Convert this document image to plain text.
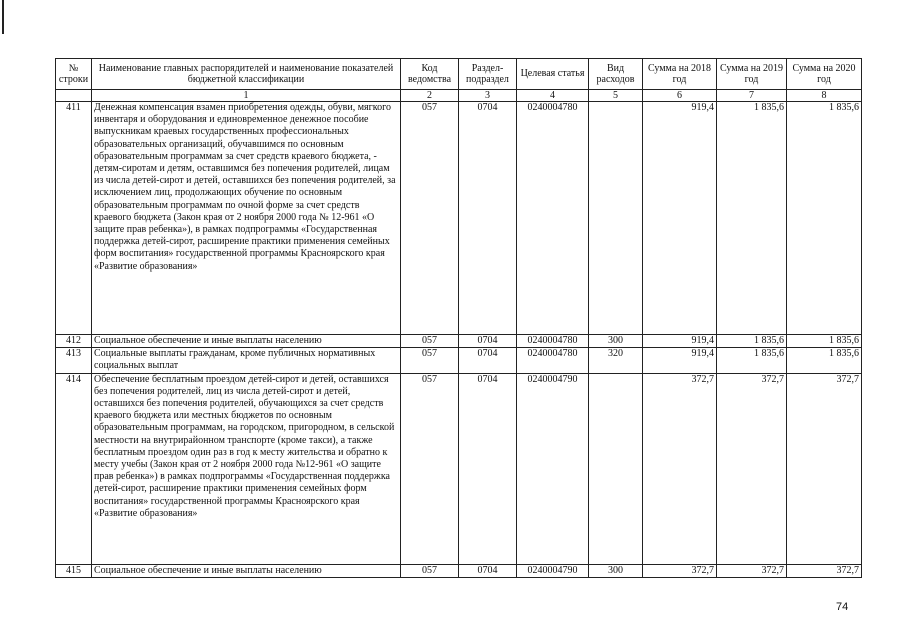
№ строки	Наименование главных распорядителей и наименование показателей бюджетной классификации	Код ведомства	Раздел-подраздел	Целевая статья	Вид расходов	Сумма на 2018 год	Сумма на 2019 год	Сумма на 2020 год
	1	2	3	4	5	6	7	8
411	Денежная компенсация взамен приобретения одежды, обуви, мягкого инвентаря и оборудования и единовременное денежное пособие выпускникам краевых государственных профессиональных образовательных организаций, обучавшимся по основным образовательным программам за счет средств краевого бюджета, - детям-сиротам и детям, оставшимся без попечения родителей, лицам из числа детей-сирот и детей, оставшихся без попечения родителей, за исключением лиц, продолжающих обучение по основным образовательным программам по очной форме за счет средств краевого бюджета (Закон края от 2 ноября 2000 года № 12-961 «О защите прав ребенка»), в рамках подпрограммы «Государственная поддержка детей-сирот, расширение практики применения семейных форм воспитания» государственной программы Красноярского края «Развитие образования»	057	0704	0240004780		919,4	1 835,6	1 835,6
412	Социальное обеспечение и иные выплаты населению	057	0704	0240004780	300	919,4	1 835,6	1 835,6
413	Социальные выплаты гражданам, кроме публичных нормативных социальных выплат	057	0704	0240004780	320	919,4	1 835,6	1 835,6
414	Обеспечение бесплатным проездом детей-сирот и детей, оставшихся без попечения родителей, лиц из числа детей-сирот и детей, оставшихся без попечения родителей, обучающихся за счет средств краевого бюджета или местных бюджетов по основным образовательным программам, на городском, пригородном, в сельской местности на внутрирайонном транспорте (кроме такси), а также бесплатным проездом один раз в год к месту жительства и обратно к месту учебы (Закон края от 2 ноября 2000 года №12-961 «О защите прав ребенка») в рамках подпрограммы «Государственная поддержка детей-сирот, расширение практики применения семейных форм воспитания» государственной программы Красноярского края «Развитие образования»	057	0704	0240004790		372,7	372,7	372,7
415	Социальное обеспечение и иные выплаты населению	057	0704	0240004790	300	372,7	372,7	372,7
74
